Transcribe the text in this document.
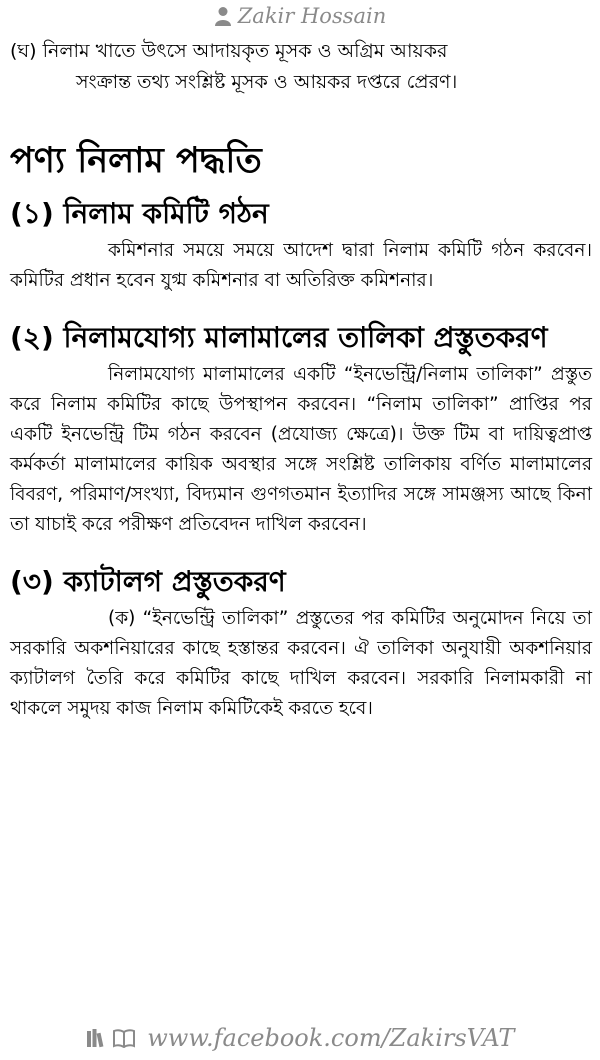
Zakir Hossain

(ঘ) নিলাম খাতে উৎসে আদায়কৃত মূসক ও অগ্রিম আয়কর
সংক্রান্ত তথ্য সংশ্লিষ্ট মূসক ও আয়কর দপ্তরে প্রেরণ।

পণ্য নিলাম পদ্ধতি
(১) নিলাম কমিটি গঠন

কমিশনার সময়ে সময়ে আদেশ দ্বারা নিলাম কমিটি গঠন করবেন। কমিটির প্রধান হবেন যুগ্ম কমিশনার বা অতিরিক্ত কমিশনার।

(২) নিলামযোগ্য মালামালের তালিকা প্রস্তুতকরণ

নিলামযোগ্য মালামালের একটি “ইনভেন্ট্রি/নিলাম তালিকা” প্রস্তুত করে নিলাম কমিটির কাছে উপস্থাপন করবেন। “নিলাম তালিকা” প্রাপ্তির পর একটি ইনভেন্ট্রি টিম গঠন করবেন (প্রযোজ্য ক্ষেত্রে)। উক্ত টিম বা দায়িত্বপ্রাপ্ত কর্মকর্তা মালামালের কায়িক অবস্থার সঙ্গে সংশ্লিষ্ট তালিকায় বর্ণিত মালামালের বিবরণ, পরিমাণ/সংখ্যা, বিদ্যমান গুণগতমান ইত্যাদির সঙ্গে সামঞ্জস্য আছে কিনা তা যাচাই করে পরীক্ষণ প্রতিবেদন দাখিল করবেন।

(৩) ক্যাটালগ প্রস্তুতকরণ

(ক) “ইনভেন্ট্রি তালিকা” প্রস্তুতের পর কমিটির অনুমোদন নিয়ে তা সরকারি অকশনিয়ারের কাছে হস্তান্তর করবেন। ঐ তালিকা অনুযায়ী অকশনিয়ার ক্যাটালগ তৈরি করে কমিটির কাছে দাখিল করবেন। সরকারি নিলামকারী না থাকলে সমুদয় কাজ নিলাম কমিটিকেই করতে হবে।

www.facebook.com/ZakirsVAT
